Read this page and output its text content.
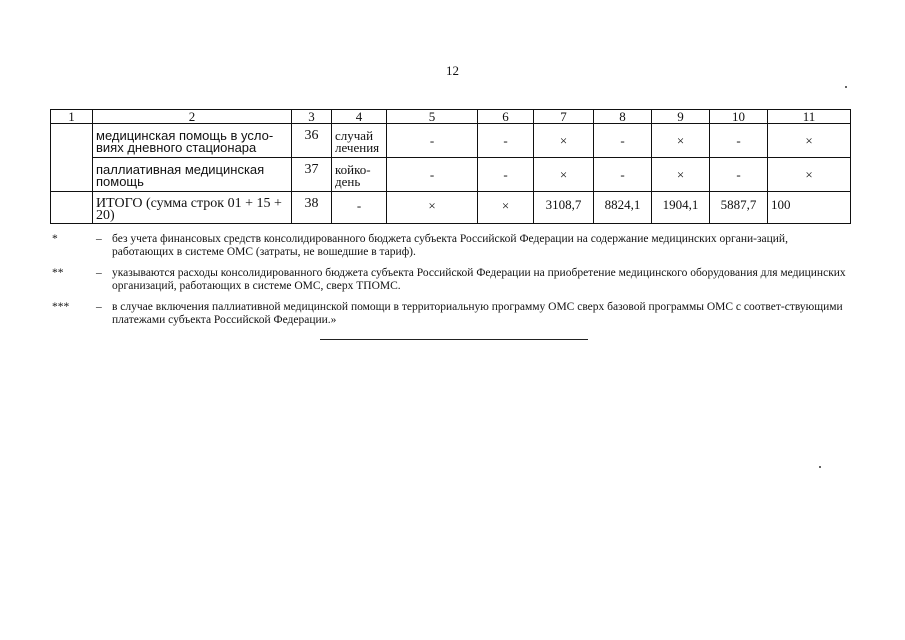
12
1	2	3	4	5	6	7	8	9	10	11
	медицинская помощь в усло-виях дневного стационара	36	случай лечения	-	-	×	-	×	-	×
	паллиативная медицинская помощь	37	койко-день	-	-	×	-	×	-	×
	ИТОГО (сумма строк 01 + 15 + 20)	38	-	×	×	3108,7	8824,1	1904,1	5887,7	100
*	– без учета финансовых средств консолидированного бюджета субъекта Российской Федерации на содержание медицинских органи-заций, работающих в системе ОМС (затраты, не вошедшие в тариф).
**	– указываются расходы консолидированного бюджета субъекта Российской Федерации на приобретение медицинского оборудования для медицинских организаций, работающих в системе ОМС, сверх ТПОМС.
***	– в случае включения паллиативной медицинской помощи в территориальную программу ОМС сверх базовой программы ОМС с соответ-ствующими платежами субъекта Российской Федерации.»
